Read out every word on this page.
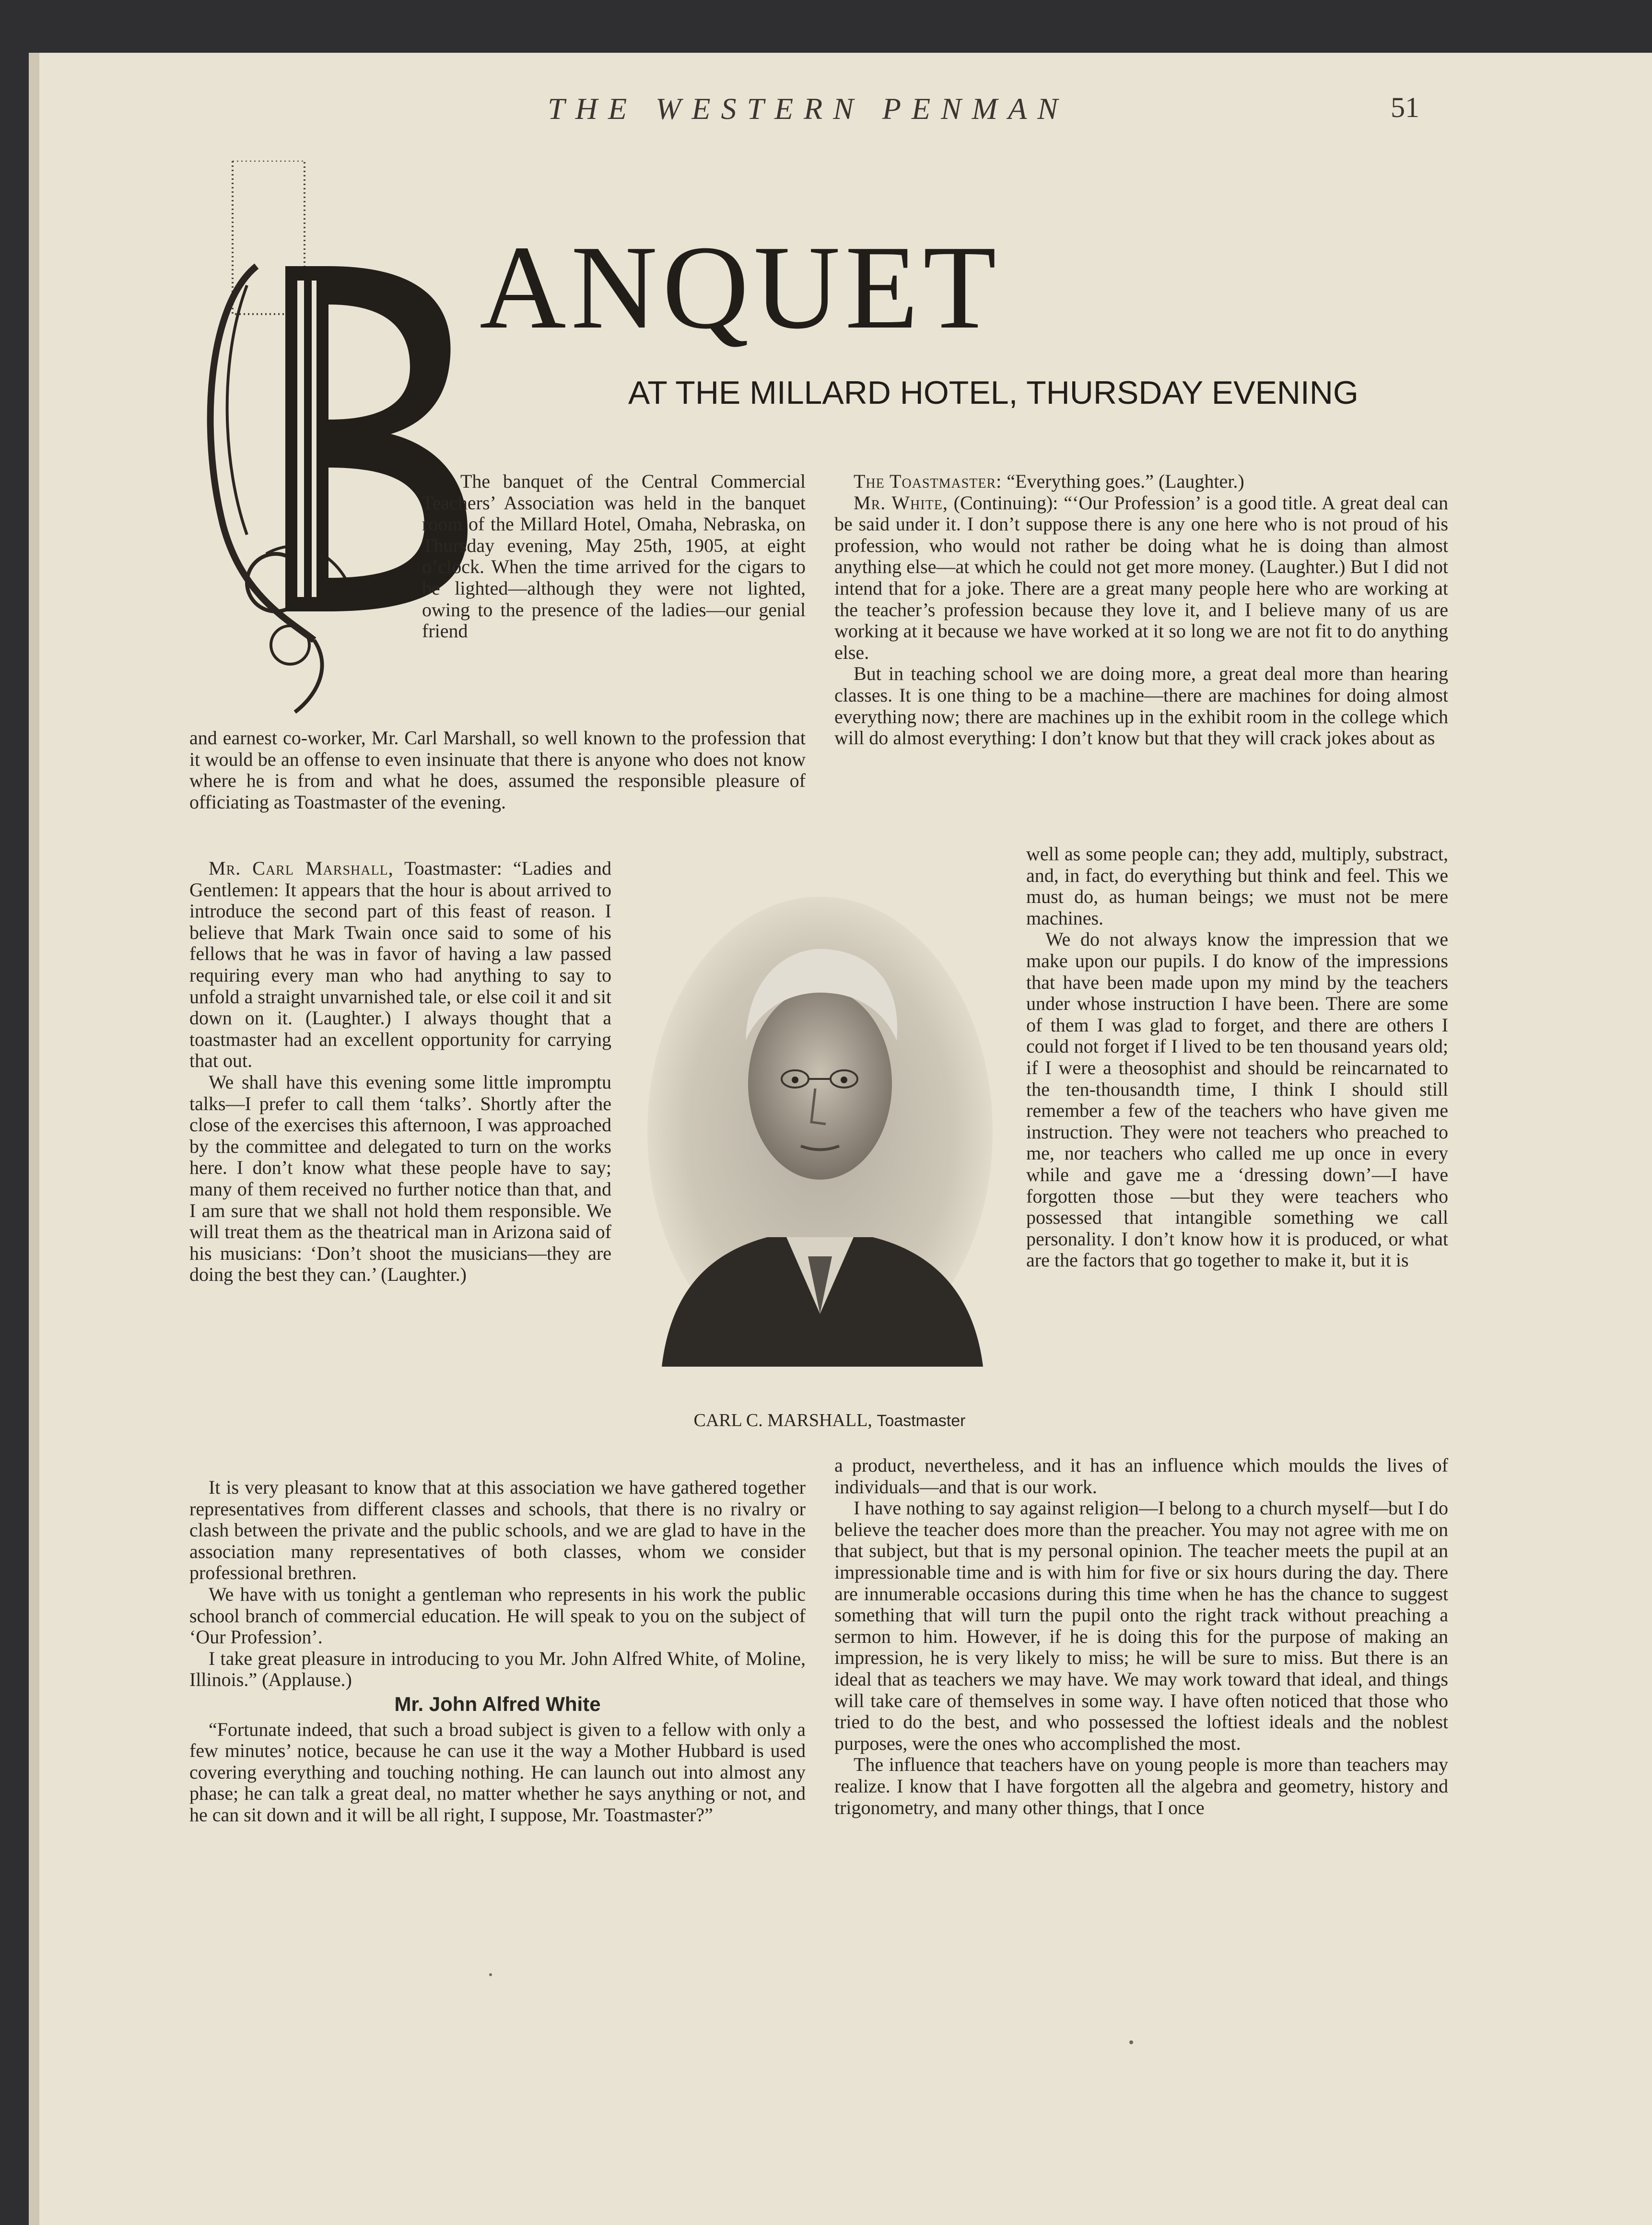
THE WESTERN PENMAN	51
ANQUET
AT THE MILLARD HOTEL, THURSDAY EVENING

The banquet of the Central Commercial Teachers’ Association was held in the banquet room of the Millard Hotel, Omaha, Nebraska, on Thursday evening, May 25th, 1905, at eight o’clock. When the time arrived for the cigars to be lighted—although they were not lighted, owing to the presence of the ladies—our genial friend

and earnest co-worker, Mr. Carl Marshall, so well known to the profession that it would be an offense to even insinuate that there is anyone who does not know where he is from and what he does, assumed the responsible pleasure of officiating as Toastmaster of the evening.

Mr. Carl Marshall, Toastmaster: “Ladies and Gentlemen: It appears that the hour is about arrived to introduce the second part of this feast of reason. I believe that Mark Twain once said to some of his fellows that he was in favor of having a law passed requiring every man who had anything to say to unfold a straight unvarnished tale, or else coil it and sit down on it. (Laughter.) I always thought that a toastmaster had an excellent opportunity for carrying that out.

We shall have this evening some little impromptu talks—I prefer to call them ‘talks’. Shortly after the close of the exercises this afternoon, I was approached by the committee and delegated to turn on the works here. I don’t know what these people have to say; many of them received no further notice than that, and I am sure that we shall not hold them responsible. We will treat them as the theatrical man in Arizona said of his musicians: ‘Don’t shoot the musicians—they are doing the best they can.’ (Laughter.)

It is very pleasant to know that at this association we have gathered together representatives from different classes and schools, that there is no rivalry or clash between the private and the public schools, and we are glad to have in the association many representatives of both classes, whom we consider professional brethren.

We have with us tonight a gentleman who represents in his work the public school branch of commercial education. He will speak to you on the subject of ‘Our Profession’.

I take great pleasure in introducing to you Mr. John Alfred White, of Moline, Illinois.” (Applause.)

Mr. John Alfred White

“Fortunate indeed, that such a broad subject is given to a fellow with only a few minutes’ notice, because he can use it the way a Mother Hubbard is used covering everything and touching nothing. He can launch out into almost any phase; he can talk a great deal, no matter whether he says anything or not, and he can sit down and it will be all right, I suppose, Mr. Toastmaster?”

CARL C. MARSHALL, Toastmaster

The Toastmaster: “Everything goes.” (Laughter.)

Mr. White, (Continuing): “‘Our Profession’ is a good title. A great deal can be said under it. I don’t suppose there is any one here who is not proud of his profession, who would not rather be doing what he is doing than almost anything else—at which he could not get more money. (Laughter.) But I did not intend that for a joke. There are a great many people here who are working at the teacher’s profession because they love it, and I believe many of us are working at it because we have worked at it so long we are not fit to do anything else.

But in teaching school we are doing more, a great deal more than hearing classes. It is one thing to be a machine—there are machines for doing almost everything now; there are machines up in the exhibit room in the college which will do almost everything: I don’t know but that they will crack jokes about as

well as some people can; they add, multiply, substract, and, in fact, do everything but think and feel. This we must do, as human beings; we must not be mere machines.

We do not always know the impression that we make upon our pupils. I do know of the impressions that have been made upon my mind by the teachers under whose instruction I have been. There are some of them I was glad to forget, and there are others I could not forget if I lived to be ten thousand years old; if I were a theosophist and should be reincarnated to the ten-thousandth time, I think I should still remember a few of the teachers who have given me instruction. They were not teachers who preached to me, nor teachers who called me up once in every while and gave me a ‘dressing down’—I have forgotten those —but they were teachers who possessed that intangible something we call personality. I don’t know how it is produced, or what are the factors that go together to make it, but it is

a product, nevertheless, and it has an influence which moulds the lives of individuals—and that is our work.

I have nothing to say against religion—I belong to a church myself—but I do believe the teacher does more than the preacher. You may not agree with me on that subject, but that is my personal opinion. The teacher meets the pupil at an impressionable time and is with him for five or six hours during the day. There are innumerable occasions during this time when he has the chance to suggest something that will turn the pupil onto the right track without preaching a sermon to him. However, if he is doing this for the purpose of making an impression, he is very likely to miss; he will be sure to miss. But there is an ideal that as teachers we may have. We may work toward that ideal, and things will take care of themselves in some way. I have often noticed that those who tried to do the best, and who possessed the loftiest ideals and the noblest purposes, were the ones who accomplished the most.

The influence that teachers have on young people is more than teachers may realize. I know that I have forgotten all the algebra and geometry, history and trigonometry, and many other things, that I once
